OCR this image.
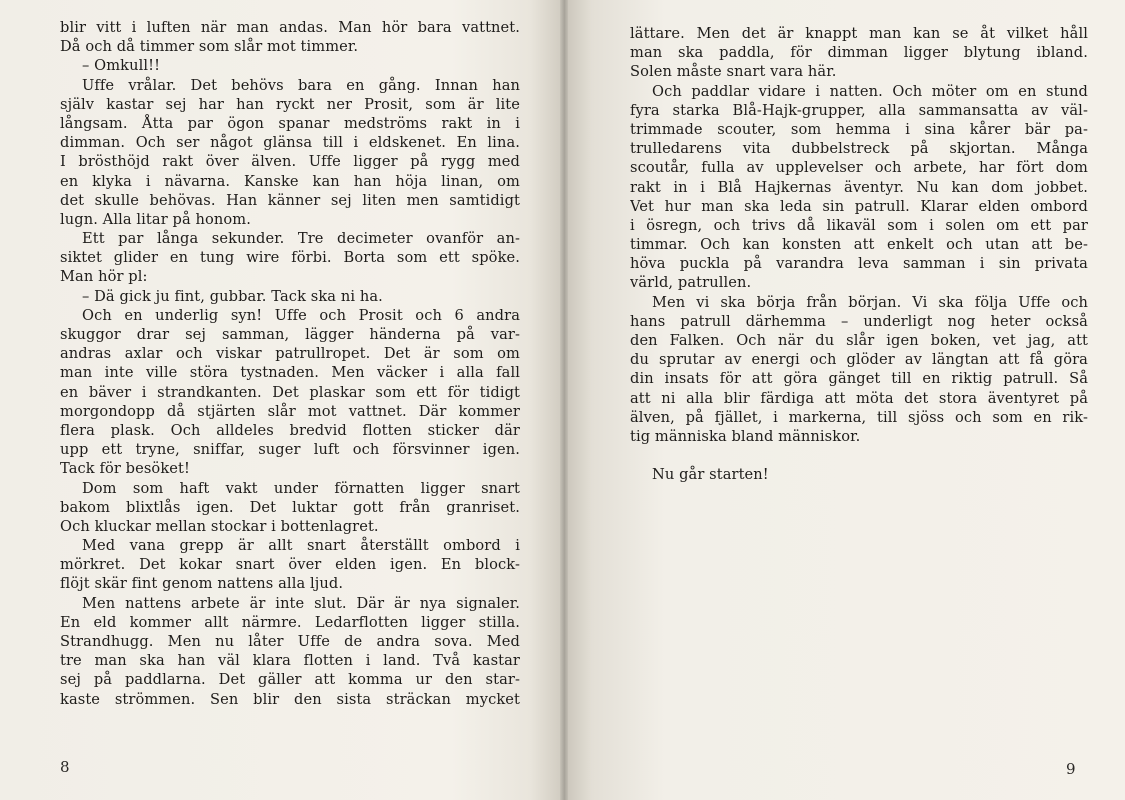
blir vitt i luften när man andas. Man hör bara vattnet.
Då och då timmer som slår mot timmer.
– Omkull!!
Uffe vrålar. Det behövs bara en gång. Innan han
själv kastar sej har han ryckt ner Prosit, som är lite
långsam. Åtta par ögon spanar medströms rakt in i
dimman. Och ser något glänsa till i eldskenet. En lina.
I brösthöjd rakt över älven. Uffe ligger på rygg med
en klyka i nävarna. Kanske kan han höja linan, om
det skulle behövas. Han känner sej liten men samtidigt
lugn. Alla litar på honom.
Ett par långa sekunder. Tre decimeter ovanför an-
siktet glider en tung wire förbi. Borta som ett spöke.
Man hör pl:
– Dä gick ju fint, gubbar. Tack ska ni ha.
Och en underlig syn! Uffe och Prosit och 6 andra
skuggor drar sej samman, lägger händerna på var-
andras axlar och viskar patrullropet. Det är som om
man inte ville störa tystnaden. Men väcker i alla fall
en bäver i strandkanten. Det plaskar som ett för tidigt
morgondopp då stjärten slår mot vattnet. Där kommer
flera plask. Och alldeles bredvid flotten sticker där
upp ett tryne, sniffar, suger luft och försvinner igen.
Tack för besöket!
Dom som haft vakt under förnatten ligger snart
bakom blixtlås igen. Det luktar gott från granriset.
Och kluckar mellan stockar i bottenlagret.
Med vana grepp är allt snart återställt ombord i
mörkret. Det kokar snart över elden igen. En block-
flöjt skär fint genom nattens alla ljud.
Men nattens arbete är inte slut. Där är nya signaler.
En eld kommer allt närmre. Ledarflotten ligger stilla.
Strandhugg. Men nu låter Uffe de andra sova. Med
tre man ska han väl klara flotten i land. Två kastar
sej på paddlarna. Det gäller att komma ur den star-
kaste strömmen. Sen blir den sista sträckan mycket
lättare. Men det är knappt man kan se åt vilket håll
man ska paddla, för dimman ligger blytung ibland.
Solen måste snart vara här.
Och paddlar vidare i natten. Och möter om en stund
fyra starka Blå-Hajk-grupper, alla sammansatta av väl-
trimmade scouter, som hemma i sina kårer bär pa-
trulledarens vita dubbelstreck på skjortan. Många
scoutår, fulla av upplevelser och arbete, har fört dom
rakt in i Blå Hajkernas äventyr. Nu kan dom jobbet.
Vet hur man ska leda sin patrull. Klarar elden ombord
i ösregn, och trivs då likaväl som i solen om ett par
timmar. Och kan konsten att enkelt och utan att be-
höva puckla på varandra leva samman i sin privata
värld, patrullen.
Men vi ska börja från början. Vi ska följa Uffe och
hans patrull därhemma – underligt nog heter också
den Falken. Och när du slår igen boken, vet jag, att
du sprutar av energi och glöder av längtan att få göra
din insats för att göra gänget till en riktig patrull. Så
att ni alla blir färdiga att möta det stora äventyret på
älven, på fjället, i markerna, till sjöss och som en rik-
tig människa bland människor.
Nu går starten!
8	9
